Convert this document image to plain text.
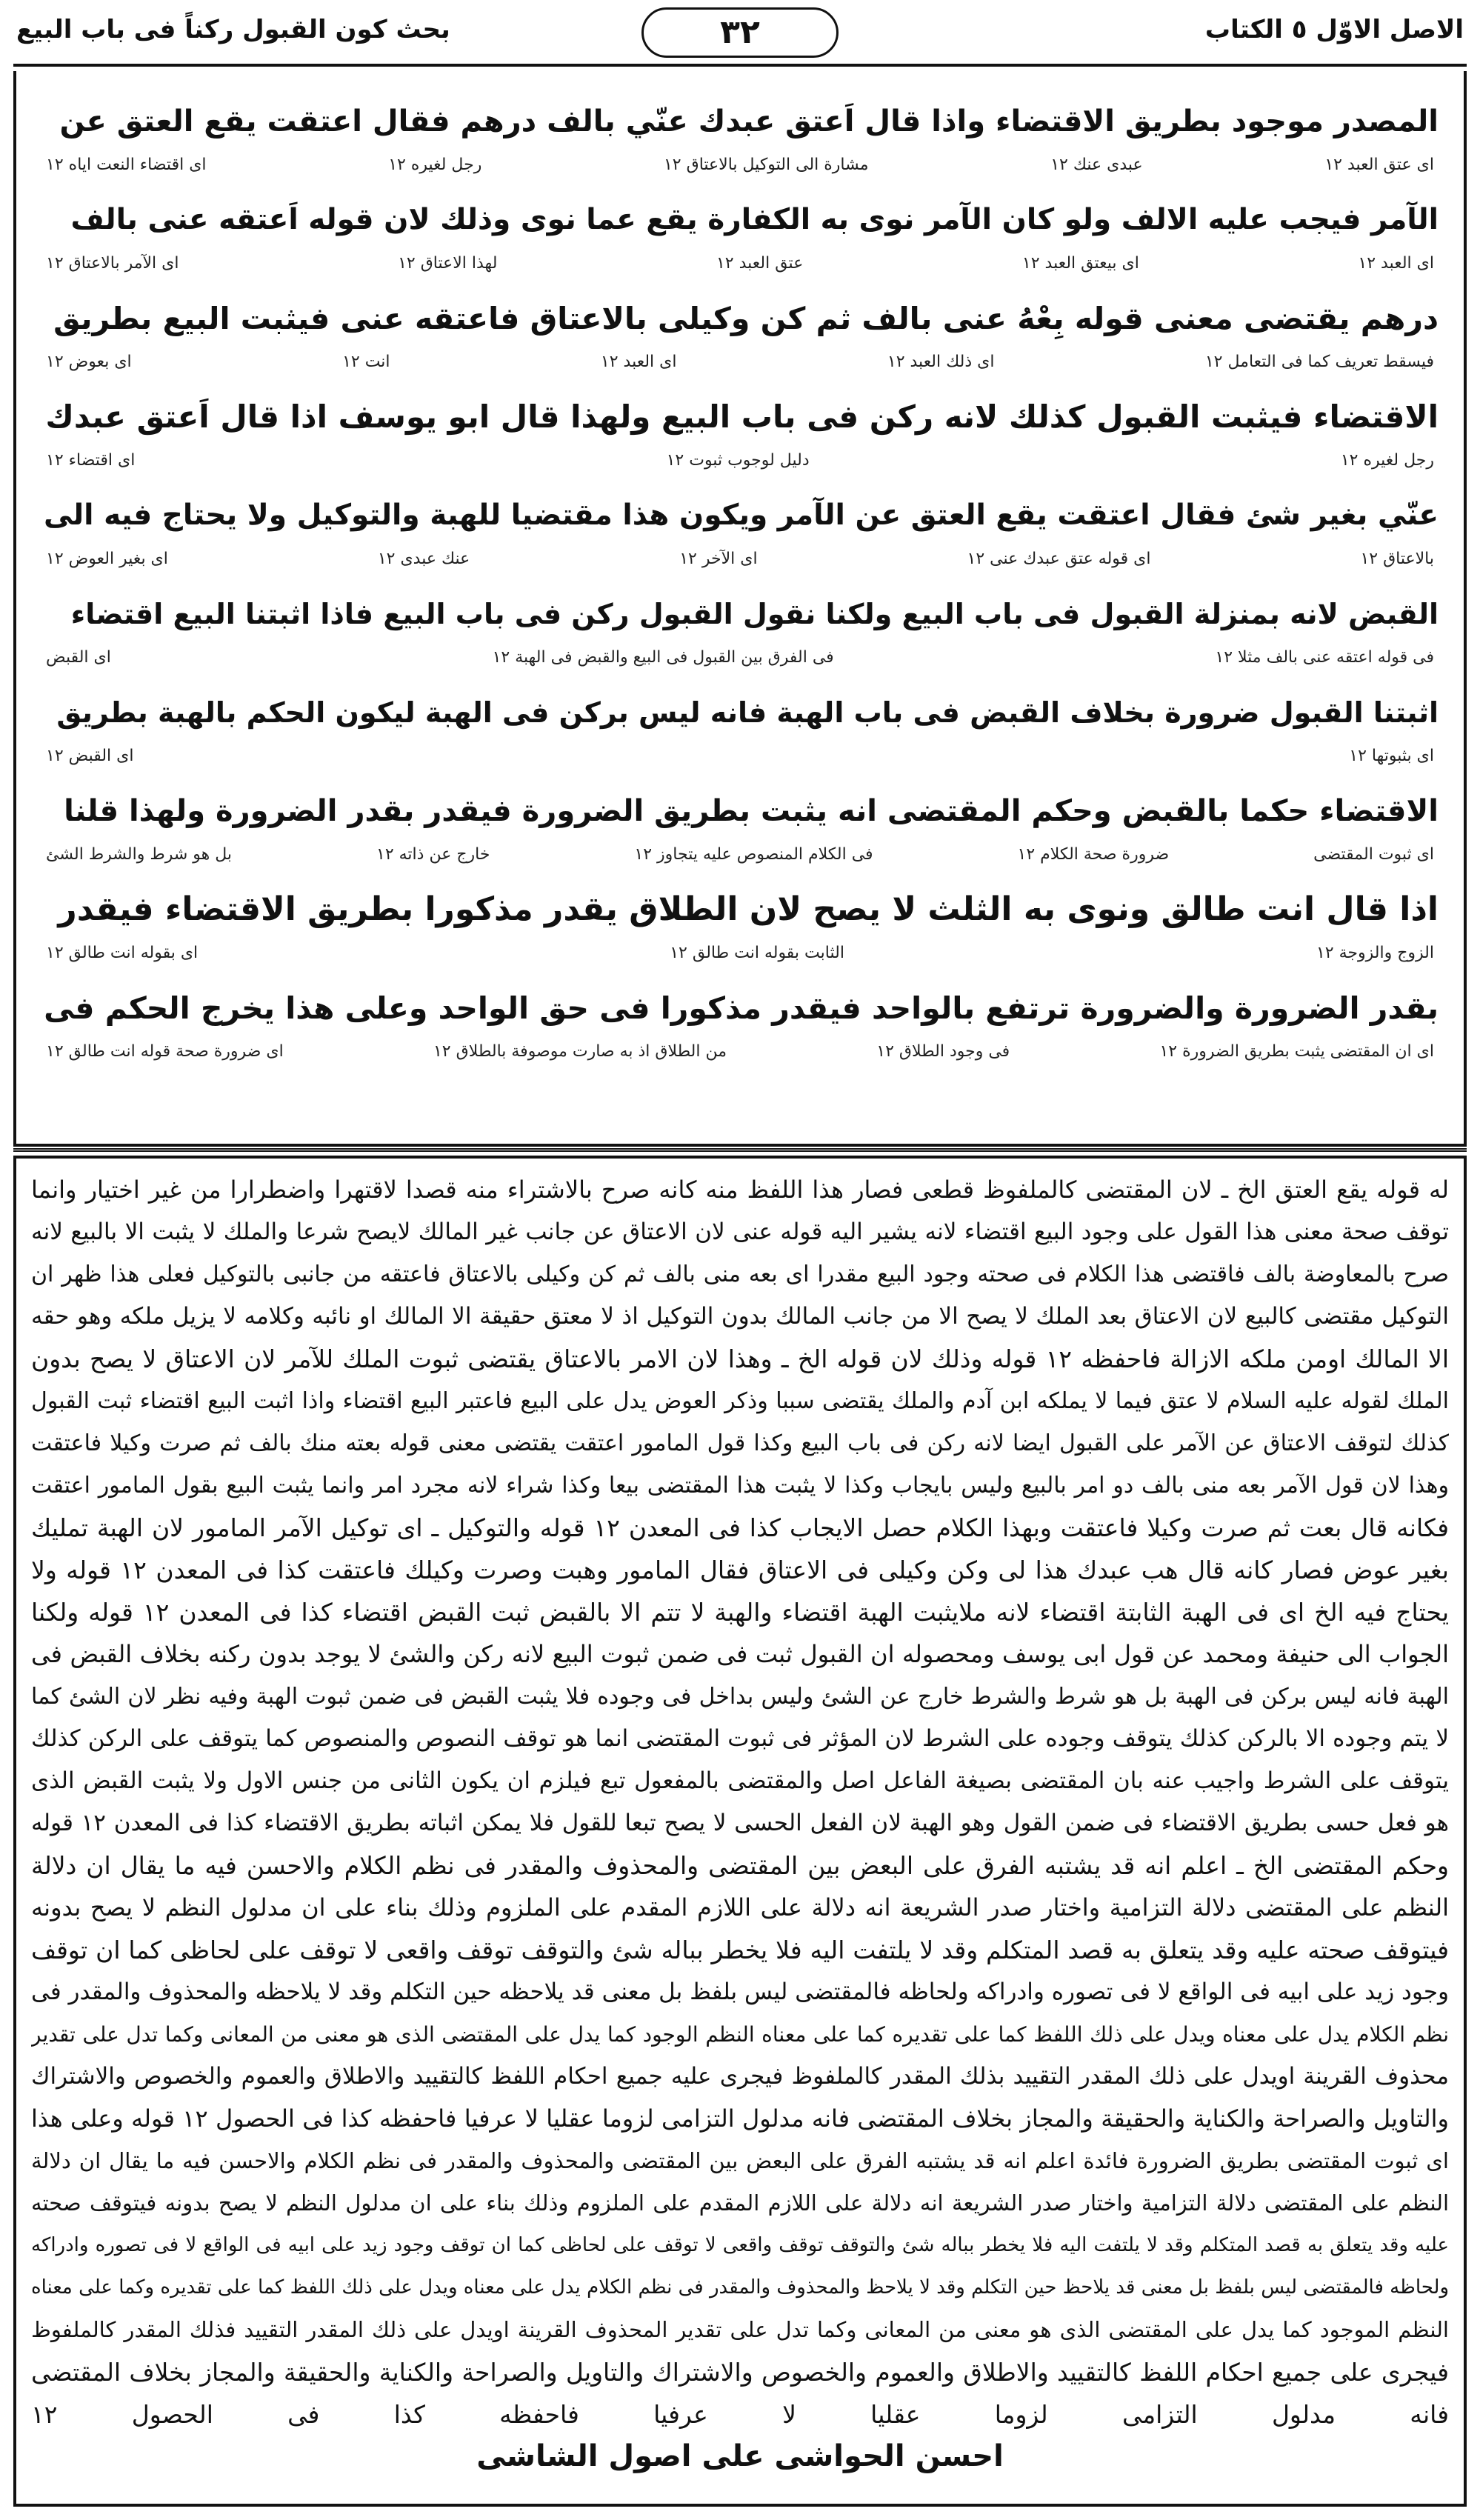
الاصل الاوّل ٥ الكتاب
٣٢
بحث كون القبول ركناً فى باب البيع
المصدر موجود بطريق الاقتضاء واذا قال اَعتق عبدك عنّي بالف درهم فقال اعتقت يقع العتق عن
اى عتق العبد ١٢
عبدى عنك ١٢
مشارة الى التوكيل بالاعتاق ١٢
رجل لغيره ١٢
اى اقتضاء النعت اياه ١٢
الآمر فيجب عليه الالف ولو كان الآمر نوى به الكفارة يقع عما نوى وذلك لان قوله اَعتقه عنى بالف
اى العبد ١٢
اى بيعتق العبد ١٢
عتق العبد ١٢
لهذا الاعتاق ١٢
اى الآمر بالاعتاق ١٢
درهم يقتضى معنى قوله بِعْهُ عنى بالف ثم كن وكيلى بالاعتاق فاعتقه عنى فيثبت البيع بطريق
فيسقط تعريف كما فى التعامل ١٢
اى ذلك العبد ١٢
اى العبد ١٢
انت ١٢
اى بعوض ١٢
الاقتضاء فيثبت القبول كذلك لانه ركن فى باب البيع ولهذا قال ابو يوسف اذا قال اَعتق عبدك
رجل لغيره ١٢
دليل لوجوب ثبوت ١٢
اى اقتضاء ١٢
عنّي بغير شئ فقال اعتقت يقع العتق عن الآمر ويكون هذا مقتضيا للهبة والتوكيل ولا يحتاج فيه الى
بالاعتاق ١٢
اى قوله عتق عبدك عنى ١٢
اى الآخر ١٢
عنك عبدى ١٢
اى بغير العوض ١٢
القبض لانه بمنزلة القبول فى باب البيع ولكنا نقول القبول ركن فى باب البيع فاذا اثبتنا البيع اقتضاء
فى قوله اعتقه عنى بالف مثلا ١٢
فى الفرق بين القبول فى البيع والقبض فى الهبة ١٢
اى القبض
اثبتنا القبول ضرورة بخلاف القبض فى باب الهبة فانه ليس بركن فى الهبة ليكون الحكم بالهبة بطريق
اى بثبوتها ١٢
اى القبض ١٢
الاقتضاء حكما بالقبض وحكم المقتضى انه يثبت بطريق الضرورة فيقدر بقدر الضرورة ولهذا قلنا
اى ثبوت المقتضى
ضرورة صحة الكلام ١٢
فى الكلام المنصوص عليه يتجاوز ١٢
خارج عن ذاته ١٢
بل هو شرط والشرط الشئ
اذا قال انت طالق ونوى به الثلث لا يصح لان الطلاق يقدر مذكورا بطريق الاقتضاء فيقدر
الزوج والزوجة ١٢
الثابت بقوله انت طالق ١٢
اى بقوله انت طالق ١٢
بقدر الضرورة والضرورة ترتفع بالواحد فيقدر مذكورا فى حق الواحد وعلى هذا يخرج الحكم فى
اى ان المقتضى يثبت بطريق الضرورة ١٢
فى وجود الطلاق ١٢
من الطلاق اذ به صارت موصوفة بالطلاق ١٢
اى ضرورة صحة قوله انت طالق ١٢
له قوله يقع العتق الخ ـ لان المقتضى كالملفوظ قطعى فصار هذا اللفظ منه كانه صرح بالاشتراء منه قصدا لاقتهرا واضطرارا من غير اختيار وانما
توقف صحة معنى هذا القول على وجود البيع اقتضاء لانه يشير اليه قوله عنى لان الاعتاق عن جانب غير المالك لايصح شرعا والملك لا يثبت الا بالبيع لانه
صرح بالمعاوضة بالف فاقتضى هذا الكلام فى صحته وجود البيع مقدرا اى بعه منى بالف ثم كن وكيلى بالاعتاق فاعتقه من جانبى بالتوكيل فعلى هذا ظهر ان
التوكيل مقتضى كالبيع لان الاعتاق بعد الملك لا يصح الا من جانب المالك بدون التوكيل اذ لا معتق حقيقة الا المالك او نائبه وكلامه لا يزيل ملكه وهو حقه
الا المالك اومن ملكه الازالة فاحفظه ١٢ قوله وذلك لان قوله الخ ـ وهذا لان الامر بالاعتاق يقتضى ثبوت الملك للآمر لان الاعتاق لا يصح بدون
الملك لقوله عليه السلام لا عتق فيما لا يملكه ابن آدم والملك يقتضى سببا وذكر العوض يدل على البيع فاعتبر البيع اقتضاء واذا اثبت البيع اقتضاء ثبت القبول
كذلك لتوقف الاعتاق عن الآمر على القبول ايضا لانه ركن فى باب البيع وكذا قول المامور اعتقت يقتضى معنى قوله بعته منك بالف ثم صرت وكيلا فاعتقت
وهذا لان قول الآمر بعه منى بالف دو امر بالبيع وليس بايجاب وكذا لا يثبت هذا المقتضى بيعا وكذا شراء لانه مجرد امر وانما يثبت البيع بقول المامور اعتقت
فكانه قال بعت ثم صرت وكيلا فاعتقت وبهذا الكلام حصل الايجاب كذا فى المعدن ١٢ قوله والتوكيل ـ اى توكيل الآمر المامور لان الهبة تمليك
بغير عوض فصار كانه قال هب عبدك هذا لى وكن وكيلى فى الاعتاق فقال المامور وهبت وصرت وكيلك فاعتقت كذا فى المعدن ١٢ قوله ولا
يحتاج فيه الخ اى فى الهبة الثابتة اقتضاء لانه ملايثبت الهبة اقتضاء والهبة لا تتم الا بالقبض ثبت القبض اقتضاء كذا فى المعدن ١٢ قوله ولكنا
الجواب الى حنيفة ومحمد عن قول ابى يوسف ومحصوله ان القبول ثبت فى ضمن ثبوت البيع لانه ركن والشئ لا يوجد بدون ركنه بخلاف القبض فى
الهبة فانه ليس بركن فى الهبة بل هو شرط والشرط خارج عن الشئ وليس بداخل فى وجوده فلا يثبت القبض فى ضمن ثبوت الهبة وفيه نظر لان الشئ كما
لا يتم وجوده الا بالركن كذلك يتوقف وجوده على الشرط لان المؤثر فى ثبوت المقتضى انما هو توقف النصوص والمنصوص كما يتوقف على الركن كذلك
يتوقف على الشرط واجيب عنه بان المقتضى بصيغة الفاعل اصل والمقتضى بالمفعول تبع فيلزم ان يكون الثانى من جنس الاول ولا يثبت القبض الذى
هو فعل حسى بطريق الاقتضاء فى ضمن القول وهو الهبة لان الفعل الحسى لا يصح تبعا للقول فلا يمكن اثباته بطريق الاقتضاء كذا فى المعدن ١٢ قوله
وحكم المقتضى الخ ـ اعلم انه قد يشتبه الفرق على البعض بين المقتضى والمحذوف والمقدر فى نظم الكلام والاحسن فيه ما يقال ان دلالة
النظم على المقتضى دلالة التزامية واختار صدر الشريعة انه دلالة على اللازم المقدم على الملزوم وذلك بناء على ان مدلول النظم لا يصح بدونه
فيتوقف صحته عليه وقد يتعلق به قصد المتكلم وقد لا يلتفت اليه فلا يخطر بباله شئ والتوقف توقف واقعى لا توقف على لحاظى كما ان توقف
وجود زيد على ابيه فى الواقع لا فى تصوره وادراكه ولحاظه فالمقتضى ليس بلفظ بل معنى قد يلاحظه حين التكلم وقد لا يلاحظه والمحذوف والمقدر فى
نظم الكلام يدل على معناه ويدل على ذلك اللفظ كما على تقديره كما على معناه النظم الوجود كما يدل على المقتضى الذى هو معنى من المعانى وكما تدل على تقدير
محذوف القرينة اويدل على ذلك المقدر التقييد بذلك المقدر كالملفوظ فيجرى عليه جميع احكام اللفظ كالتقييد والاطلاق والعموم والخصوص والاشتراك
والتاويل والصراحة والكناية والحقيقة والمجاز بخلاف المقتضى فانه مدلول التزامى لزوما عقليا لا عرفيا فاحفظه كذا فى الحصول ١٢ قوله وعلى هذا
اى ثبوت المقتضى بطريق الضرورة فائدة اعلم انه قد يشتبه الفرق على البعض بين المقتضى والمحذوف والمقدر فى نظم الكلام والاحسن فيه ما يقال ان دلالة
النظم على المقتضى دلالة التزامية واختار صدر الشريعة انه دلالة على اللازم المقدم على الملزوم وذلك بناء على ان مدلول النظم لا يصح بدونه فيتوقف صحته
عليه وقد يتعلق به قصد المتكلم وقد لا يلتفت اليه فلا يخطر بباله شئ والتوقف توقف واقعى لا توقف على لحاظى كما ان توقف وجود زيد على ابيه فى الواقع لا فى تصوره وادراكه
ولحاظه فالمقتضى ليس بلفظ بل معنى قد يلاحظ حين التكلم وقد لا يلاحظ والمحذوف والمقدر فى نظم الكلام يدل على معناه ويدل على ذلك اللفظ كما على تقديره وكما على معناه
النظم الموجود كما يدل على المقتضى الذى هو معنى من المعانى وكما تدل على تقدير المحذوف القرينة اويدل على ذلك المقدر التقييد فذلك المقدر كالملفوظ
فيجرى على جميع احكام اللفظ كالتقييد والاطلاق والعموم والخصوص والاشتراك والتاويل والصراحة والكناية والحقيقة والمجاز بخلاف المقتضى
فانه مدلول التزامى لزوما عقليا لا عرفيا فاحفظه كذا فى الحصول ١٢
احسن الحواشى على اصول الشاشى
